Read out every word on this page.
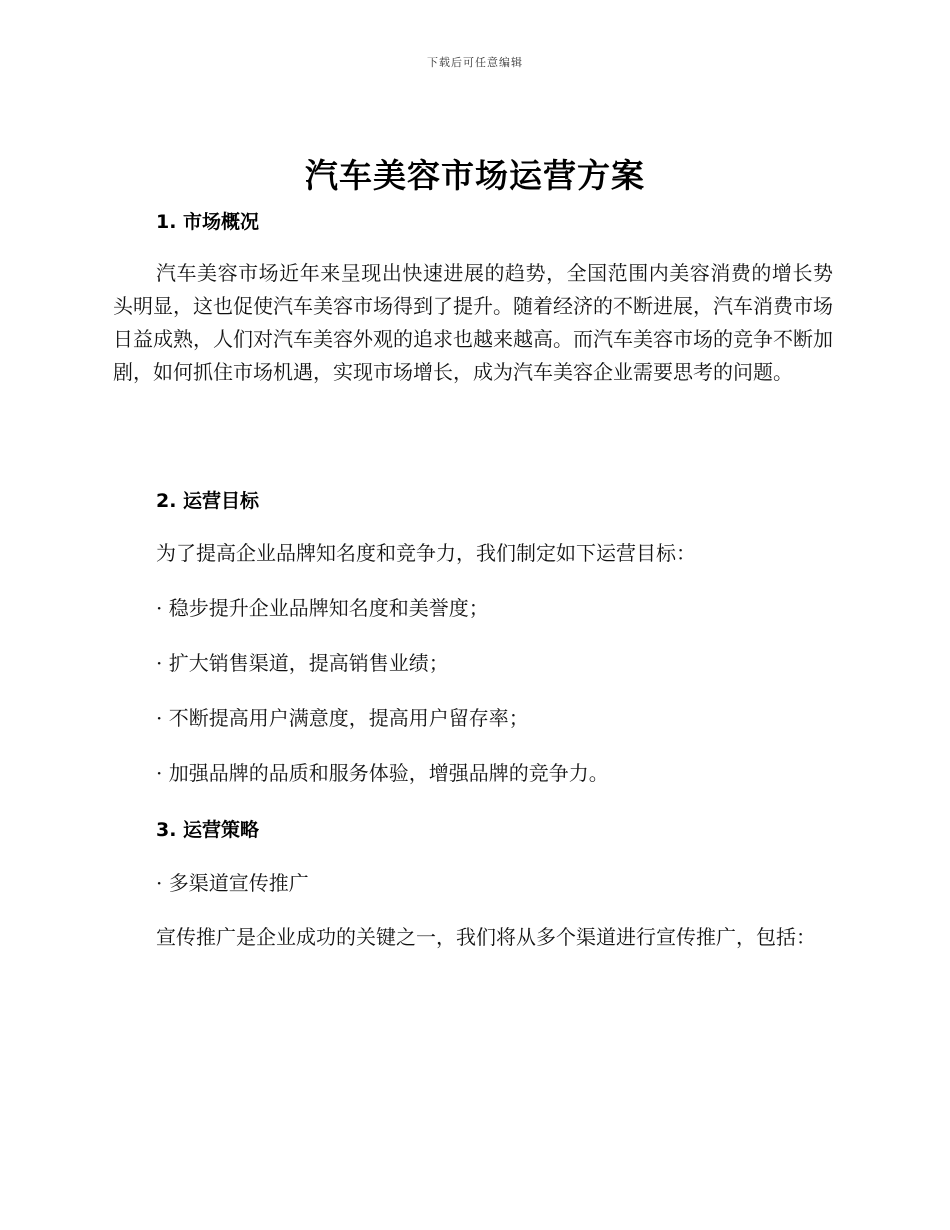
下载后可任意编辑
汽车美容市场运营方案
1. 市场概况

汽车美容市场近年来呈现出快速进展的趋势，全国范围内美容消费的增长势头明显，这也促使汽车美容市场得到了提升。随着经济的不断进展，汽车消费市场日益成熟，人们对汽车美容外观的追求也越来越高。而汽车美容市场的竞争不断加剧，如何抓住市场机遇，实现市场增长，成为汽车美容企业需要思考的问题。

2. 运营目标

为了提高企业品牌知名度和竞争力，我们制定如下运营目标：

· 稳步提升企业品牌知名度和美誉度；

· 扩大销售渠道，提高销售业绩；

· 不断提高用户满意度，提高用户留存率；

· 加强品牌的品质和服务体验，增强品牌的竞争力。

3. 运营策略

· 多渠道宣传推广

宣传推广是企业成功的关键之一，我们将从多个渠道进行宣传推广，包括：
